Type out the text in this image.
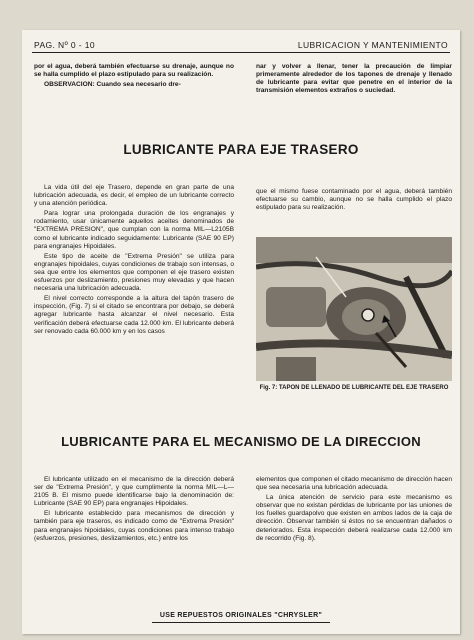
PAG. Nº 0 - 10	LUBRICACION Y MANTENIMIENTO

por el agua, deberá también efectuarse su drenaje, aunque no se halla cumplido el plazo estipulado para su realización.

OBSERVACION: Cuando sea necesario dre-

nar y volver a llenar, tener la precaución de limpiar primeramente alrededor de los tapones de drenaje y llenado de lubricante para evitar que penetre en el interior de la transmisión elementos extraños o suciedad.

LUBRICANTE PARA EJE TRASERO

La vida útil del eje Trasero, depende en gran parte de una lubricación adecuada, es decir, el empleo de un lubricante correcto y una atención periódica.

Para lograr una prolongada duración de los engranajes y rodamiento, usar únicamente aquellos aceites denominados de "EXTREMA PRESION", que cumplan con la norma MIL—L2105B como el lubricante indicado seguidamente: Lubricante (SAE 90 EP) para engranajes Hipoidales.

Este tipo de aceite de "Extrema Presión" se utiliza para engranajes hipoidales, cuyas condiciones de trabajo son intensas, o sea que entre los elementos que componen el eje trasero existen esfuerzos por deslizamiento, presiones muy elevadas y que hacen necesaria una lubricación adecuada.

El nivel correcto corresponde a la altura del tapón trasero de inspección, (Fig. 7) si el citado se encontrara por debajo, se deberá agregar lubricante hasta alcanzar el nivel necesario. Esta verificación deberá efectuarse cada 12.000 km. El lubricante deberá ser renovado cada 60.000 km y en los casos

que el mismo fuese contaminado por el agua, deberá también efectuarse su cambio, aunque no se halla cumplido el plazo estipulado para su realización.

Fig. 7: TAPON DE LLENADO DE LUBRICANTE DEL EJE TRASERO
LUBRICANTE PARA EL MECANISMO DE LA DIRECCION

El lubricante utilizado en el mecanismo de la dirección deberá ser de "Extrema Presión", y que cumplimente la norma MIL—L—2105 B. El mismo puede identificarse bajo la denominación de: Lubricante (SAE 90 EP) para engranajes Hipoidales.

El lubricante establecido para mecanismos de dirección y también para eje traseros, es indicado como de "Extrema Presión" para engranajes hipoidales, cuyas condiciones para intenso trabajo (esfuerzos, presiones, deslizamientos, etc.) entre los

elementos que componen el citado mecanismo de dirección hacen que sea necesaria una lubricación adecuada.

La única atención de servicio para este mecanismo es observar que no existan pérdidas de lubricante por las uniones de los fuelles guardapolvo que existen en ambos lados de la caja de dirección. Observar también si éstos no se encuentran dañados o deteriorados. Esta inspección deberá realizarse cada 12.000 km de recorrido (Fig. 8).

USE REPUESTOS ORIGINALES "CHRYSLER"
